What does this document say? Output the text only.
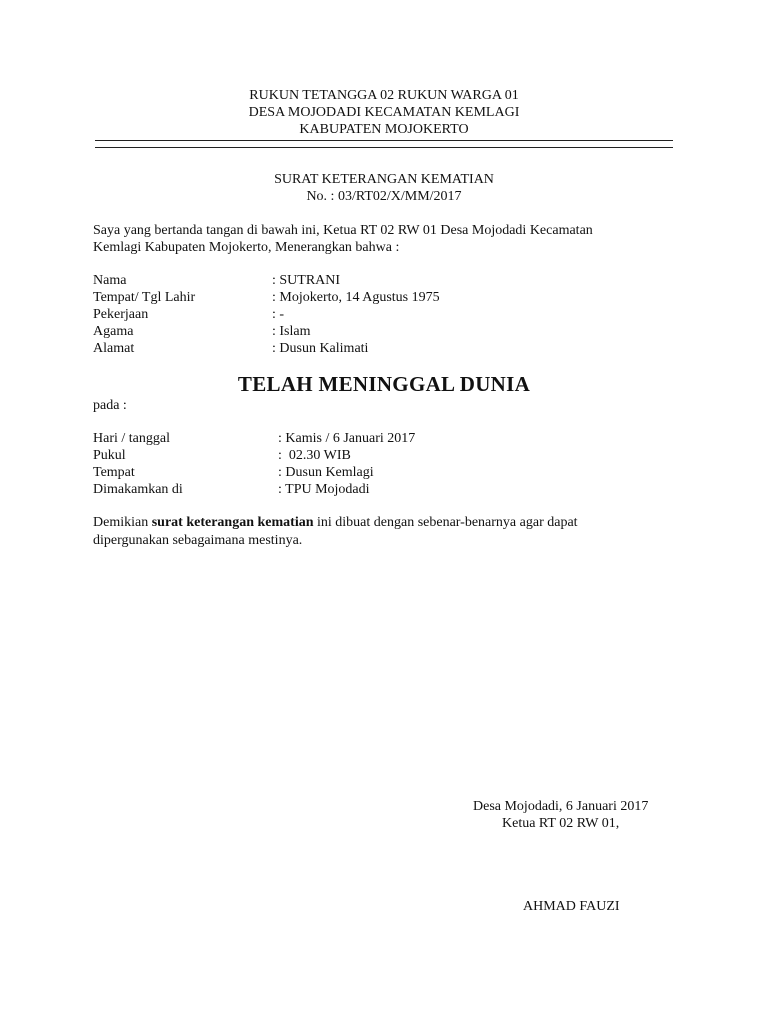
RUKUN TETANGGA 02 RUKUN WARGA 01
DESA MOJODADI KECAMATAN KEMLAGI
KABUPATEN MOJOKERTO
SURAT KETERANGAN KEMATIAN
No. : 03/RT02/X/MM/2017
Saya yang bertanda tangan di bawah ini, Ketua RT 02 RW 01 Desa Mojodadi Kecamatan
Kemlagi Kabupaten Mojokerto, Menerangkan bahwa :
Nama	: SUTRANI
Tempat/ Tgl Lahir	: Mojokerto, 14 Agustus 1975
Pekerjaan	: -
Agama	: Islam
Alamat	: Dusun Kalimati
TELAH MENINGGAL DUNIA
pada :
Hari / tanggal	: Kamis / 6 Januari 2017
Pukul	:  02.30 WIB
Tempat	: Dusun Kemlagi
Dimakamkan di	: TPU Mojodadi
Demikian surat keterangan kematian ini dibuat dengan sebenar-benarnya agar dapat
dipergunakan sebagaimana mestinya.
Desa Mojodadi, 6 Januari 2017
Ketua RT 02 RW 01,
AHMAD FAUZI
